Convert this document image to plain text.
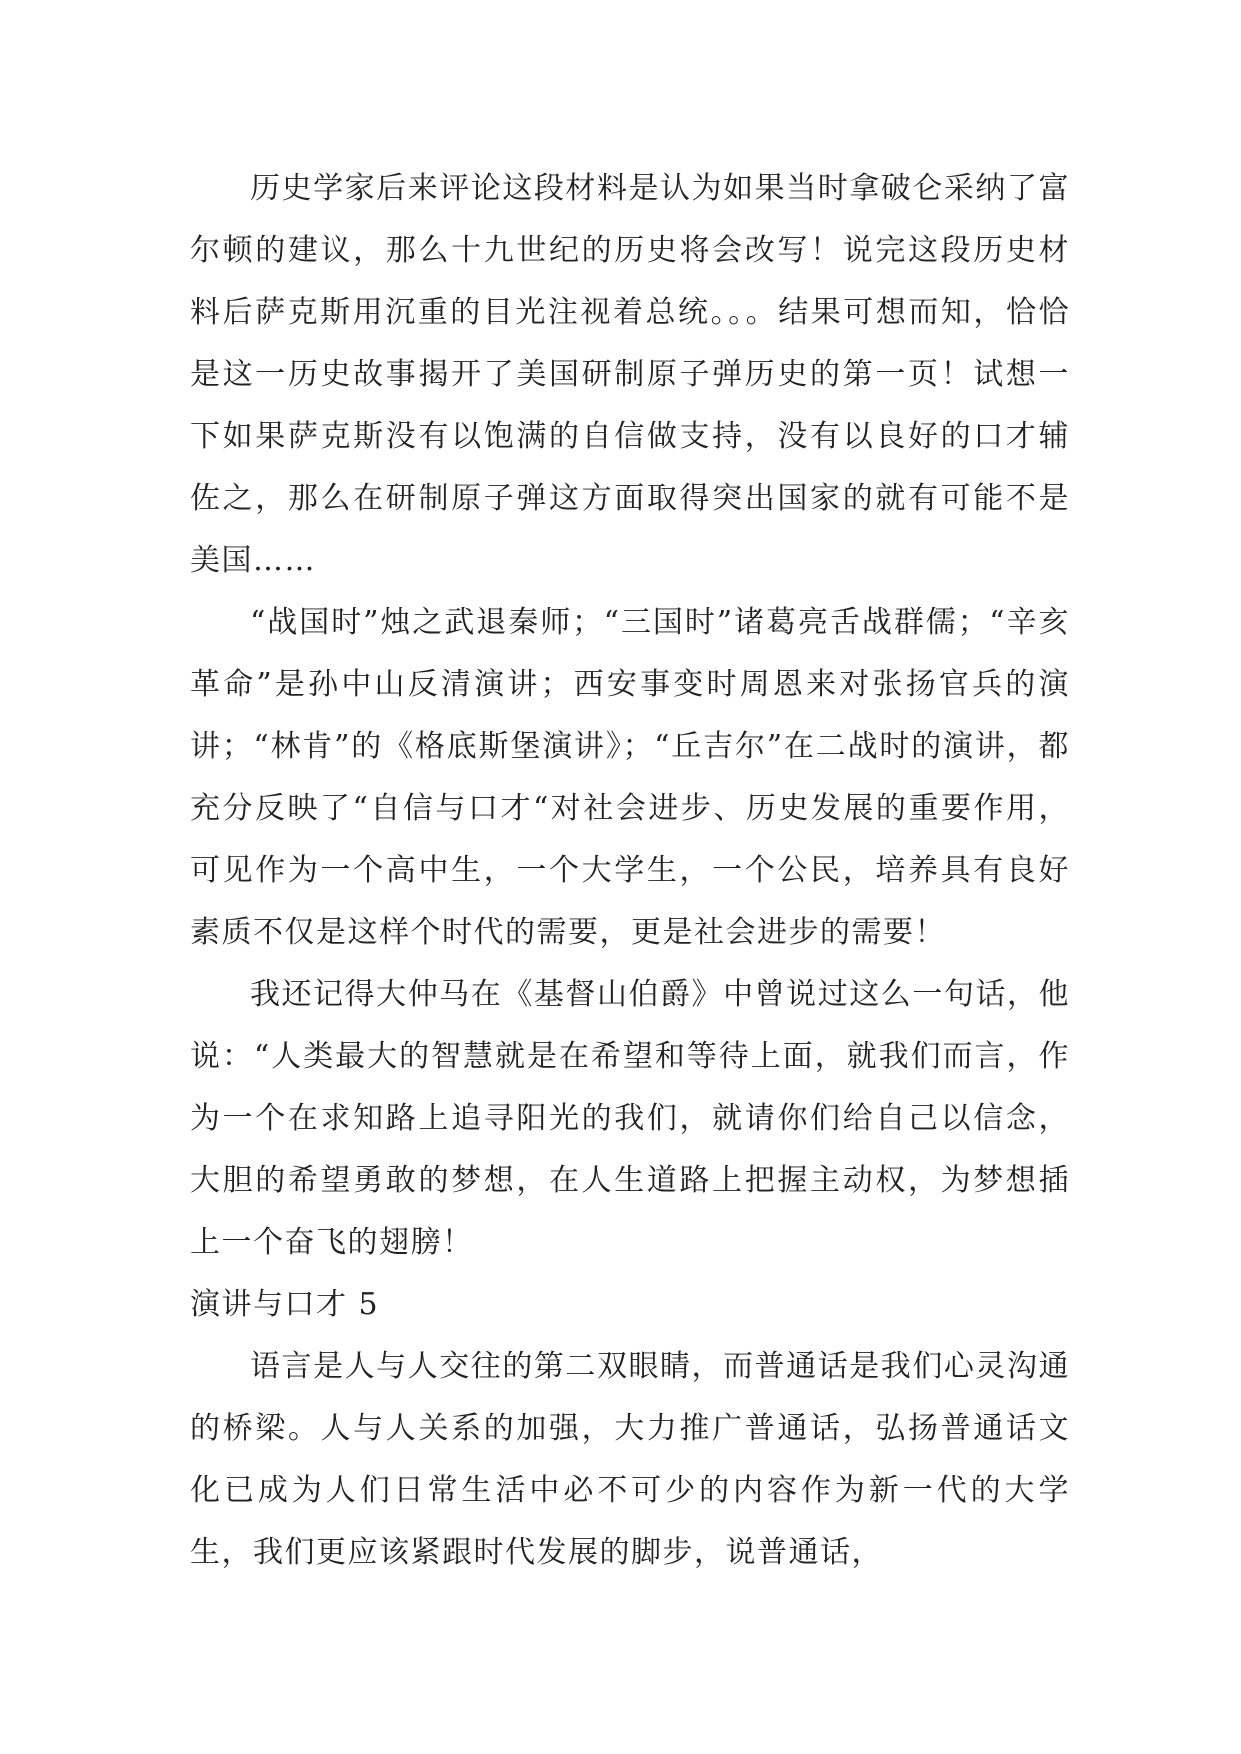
历史学家后来评论这段材料是认为如果当时拿破仑采纳了富尔顿的建议，那么十九世纪的历史将会改写！说完这段历史材料后萨克斯用沉重的目光注视着总统。。。结果可想而知，恰恰是这一历史故事揭开了美国研制原子弹历史的第一页！试想一下如果萨克斯没有以饱满的自信做支持，没有以良好的口才辅佐之，那么在研制原子弹这方面取得突出国家的就有可能不是美国……

“战国时”烛之武退秦师；“三国时”诸葛亮舌战群儒；“辛亥革命”是孙中山反清演讲；西安事变时周恩来对张扬官兵的演讲；“林肯”的《格底斯堡演讲》；“丘吉尔”在二战时的演讲，都充分反映了“自信与口才“对社会进步、历史发展的重要作用，可见作为一个高中生，一个大学生，一个公民，培养具有良好素质不仅是这样个时代的需要，更是社会进步的需要！

我还记得大仲马在《基督山伯爵》中曾说过这么一句话，他说：“人类最大的智慧就是在希望和等待上面，就我们而言，作为一个在求知路上追寻阳光的我们，就请你们给自己以信念，大胆的希望勇敢的梦想，在人生道路上把握主动权，为梦想插上一个奋飞的翅膀！

演讲与口才 5

语言是人与人交往的第二双眼睛，而普通话是我们心灵沟通的桥梁。人与人关系的加强，大力推广普通话，弘扬普通话文化已成为人们日常生活中必不可少的内容作为新一代的大学生，我们更应该紧跟时代发展的脚步，说普通话，
